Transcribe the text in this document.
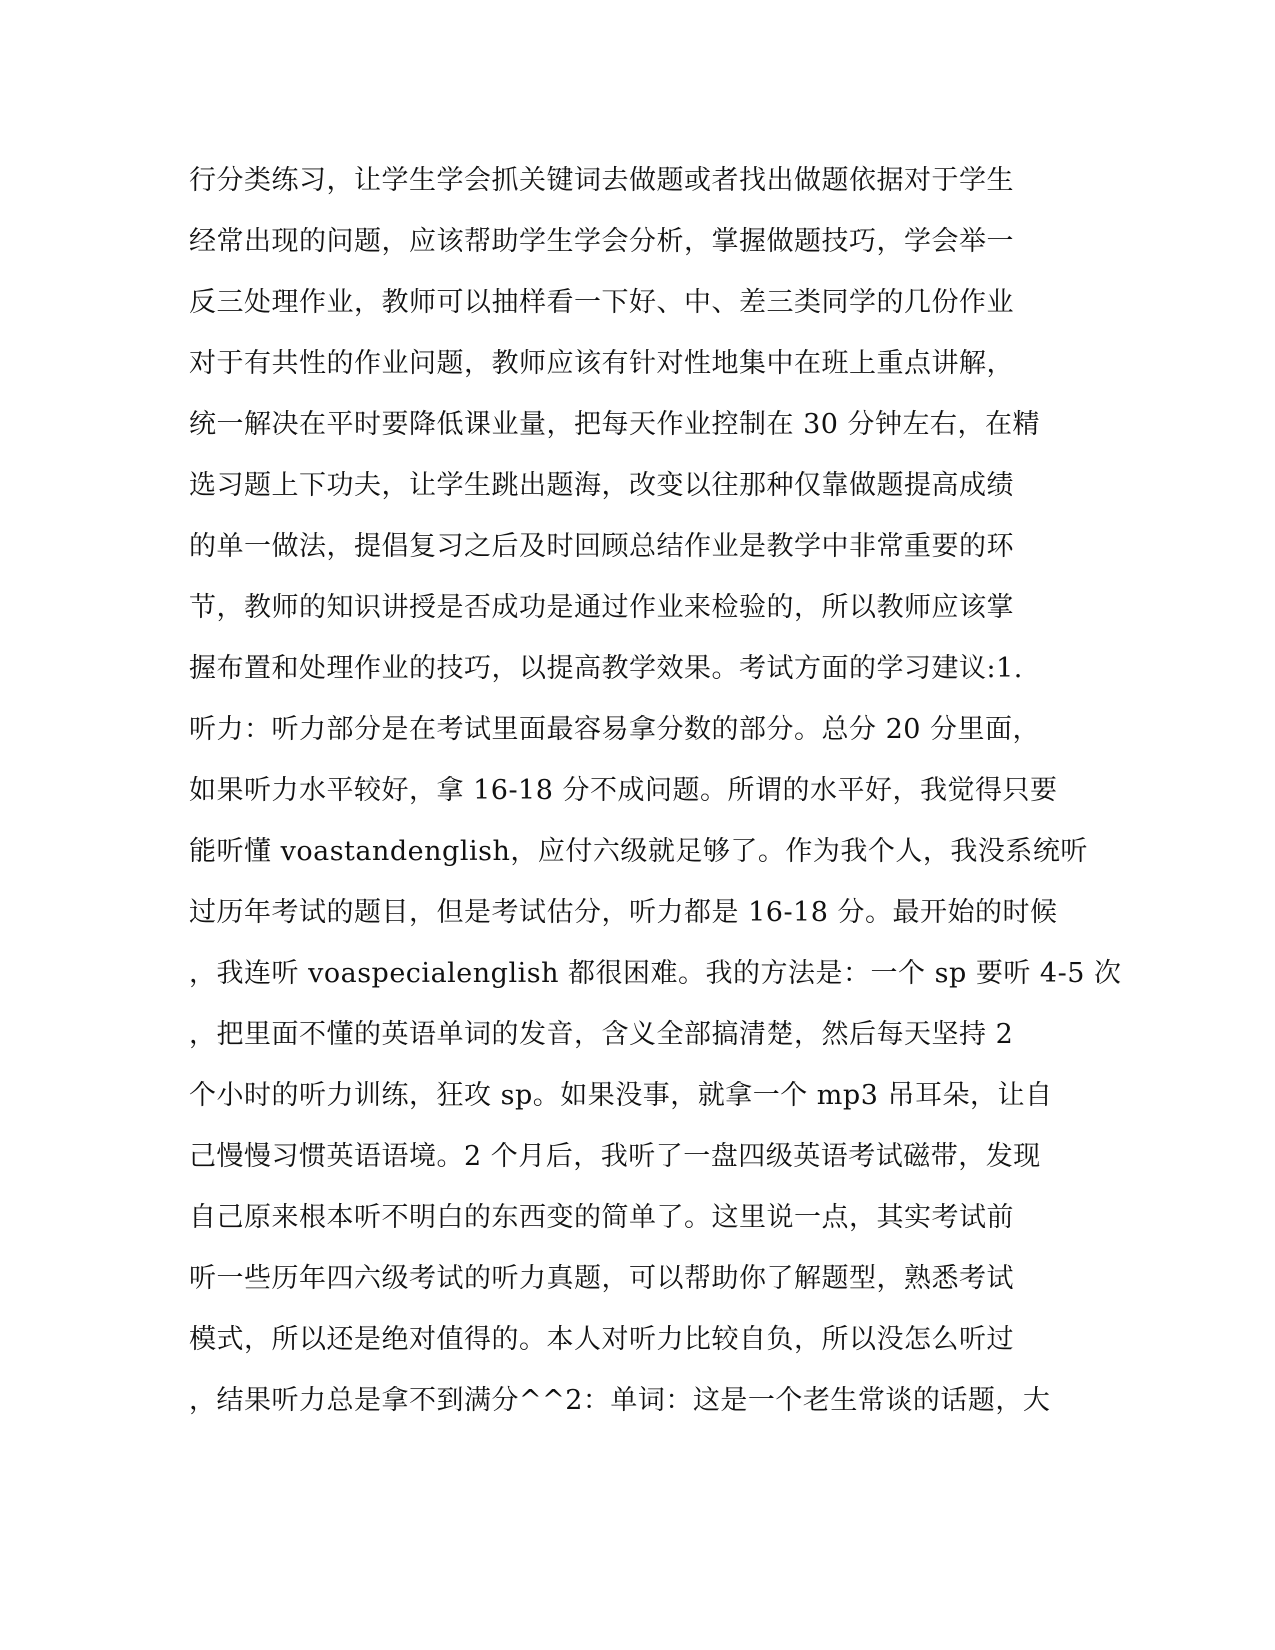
行分类练习，让学生学会抓关键词去做题或者找出做题依据对于学生
经常出现的问题，应该帮助学生学会分析，掌握做题技巧，学会举一
反三处理作业，教师可以抽样看一下好、中、差三类同学的几份作业
对于有共性的作业问题，教师应该有针对性地集中在班上重点讲解，
统一解决在平时要降低课业量，把每天作业控制在 30 分钟左右，在精
选习题上下功夫，让学生跳出题海，改变以往那种仅靠做题提高成绩
的单一做法，提倡复习之后及时回顾总结作业是教学中非常重要的环
节，教师的知识讲授是否成功是通过作业来检验的，所以教师应该掌
握布置和处理作业的技巧，以提高教学效果。考试方面的学习建议:1.
听力：听力部分是在考试里面最容易拿分数的部分。总分 20 分里面，
如果听力水平较好，拿 16-18 分不成问题。所谓的水平好，我觉得只要
能听懂 voastandenglish，应付六级就足够了。作为我个人，我没系统听
过历年考试的题目，但是考试估分，听力都是 16-18 分。最开始的时候
，我连听 voaspecialenglish 都很困难。我的方法是：一个 sp 要听 4-5 次
，把里面不懂的英语单词的发音，含义全部搞清楚，然后每天坚持 2
个小时的听力训练，狂攻 sp。如果没事，就拿一个 mp3 吊耳朵，让自
己慢慢习惯英语语境。2 个月后，我听了一盘四级英语考试磁带，发现
自己原来根本听不明白的东西变的简单了。这里说一点，其实考试前
听一些历年四六级考试的听力真题，可以帮助你了解题型，熟悉考试
模式，所以还是绝对值得的。本人对听力比较自负，所以没怎么听过
，结果听力总是拿不到满分^^2：单词：这是一个老生常谈的话题，大
